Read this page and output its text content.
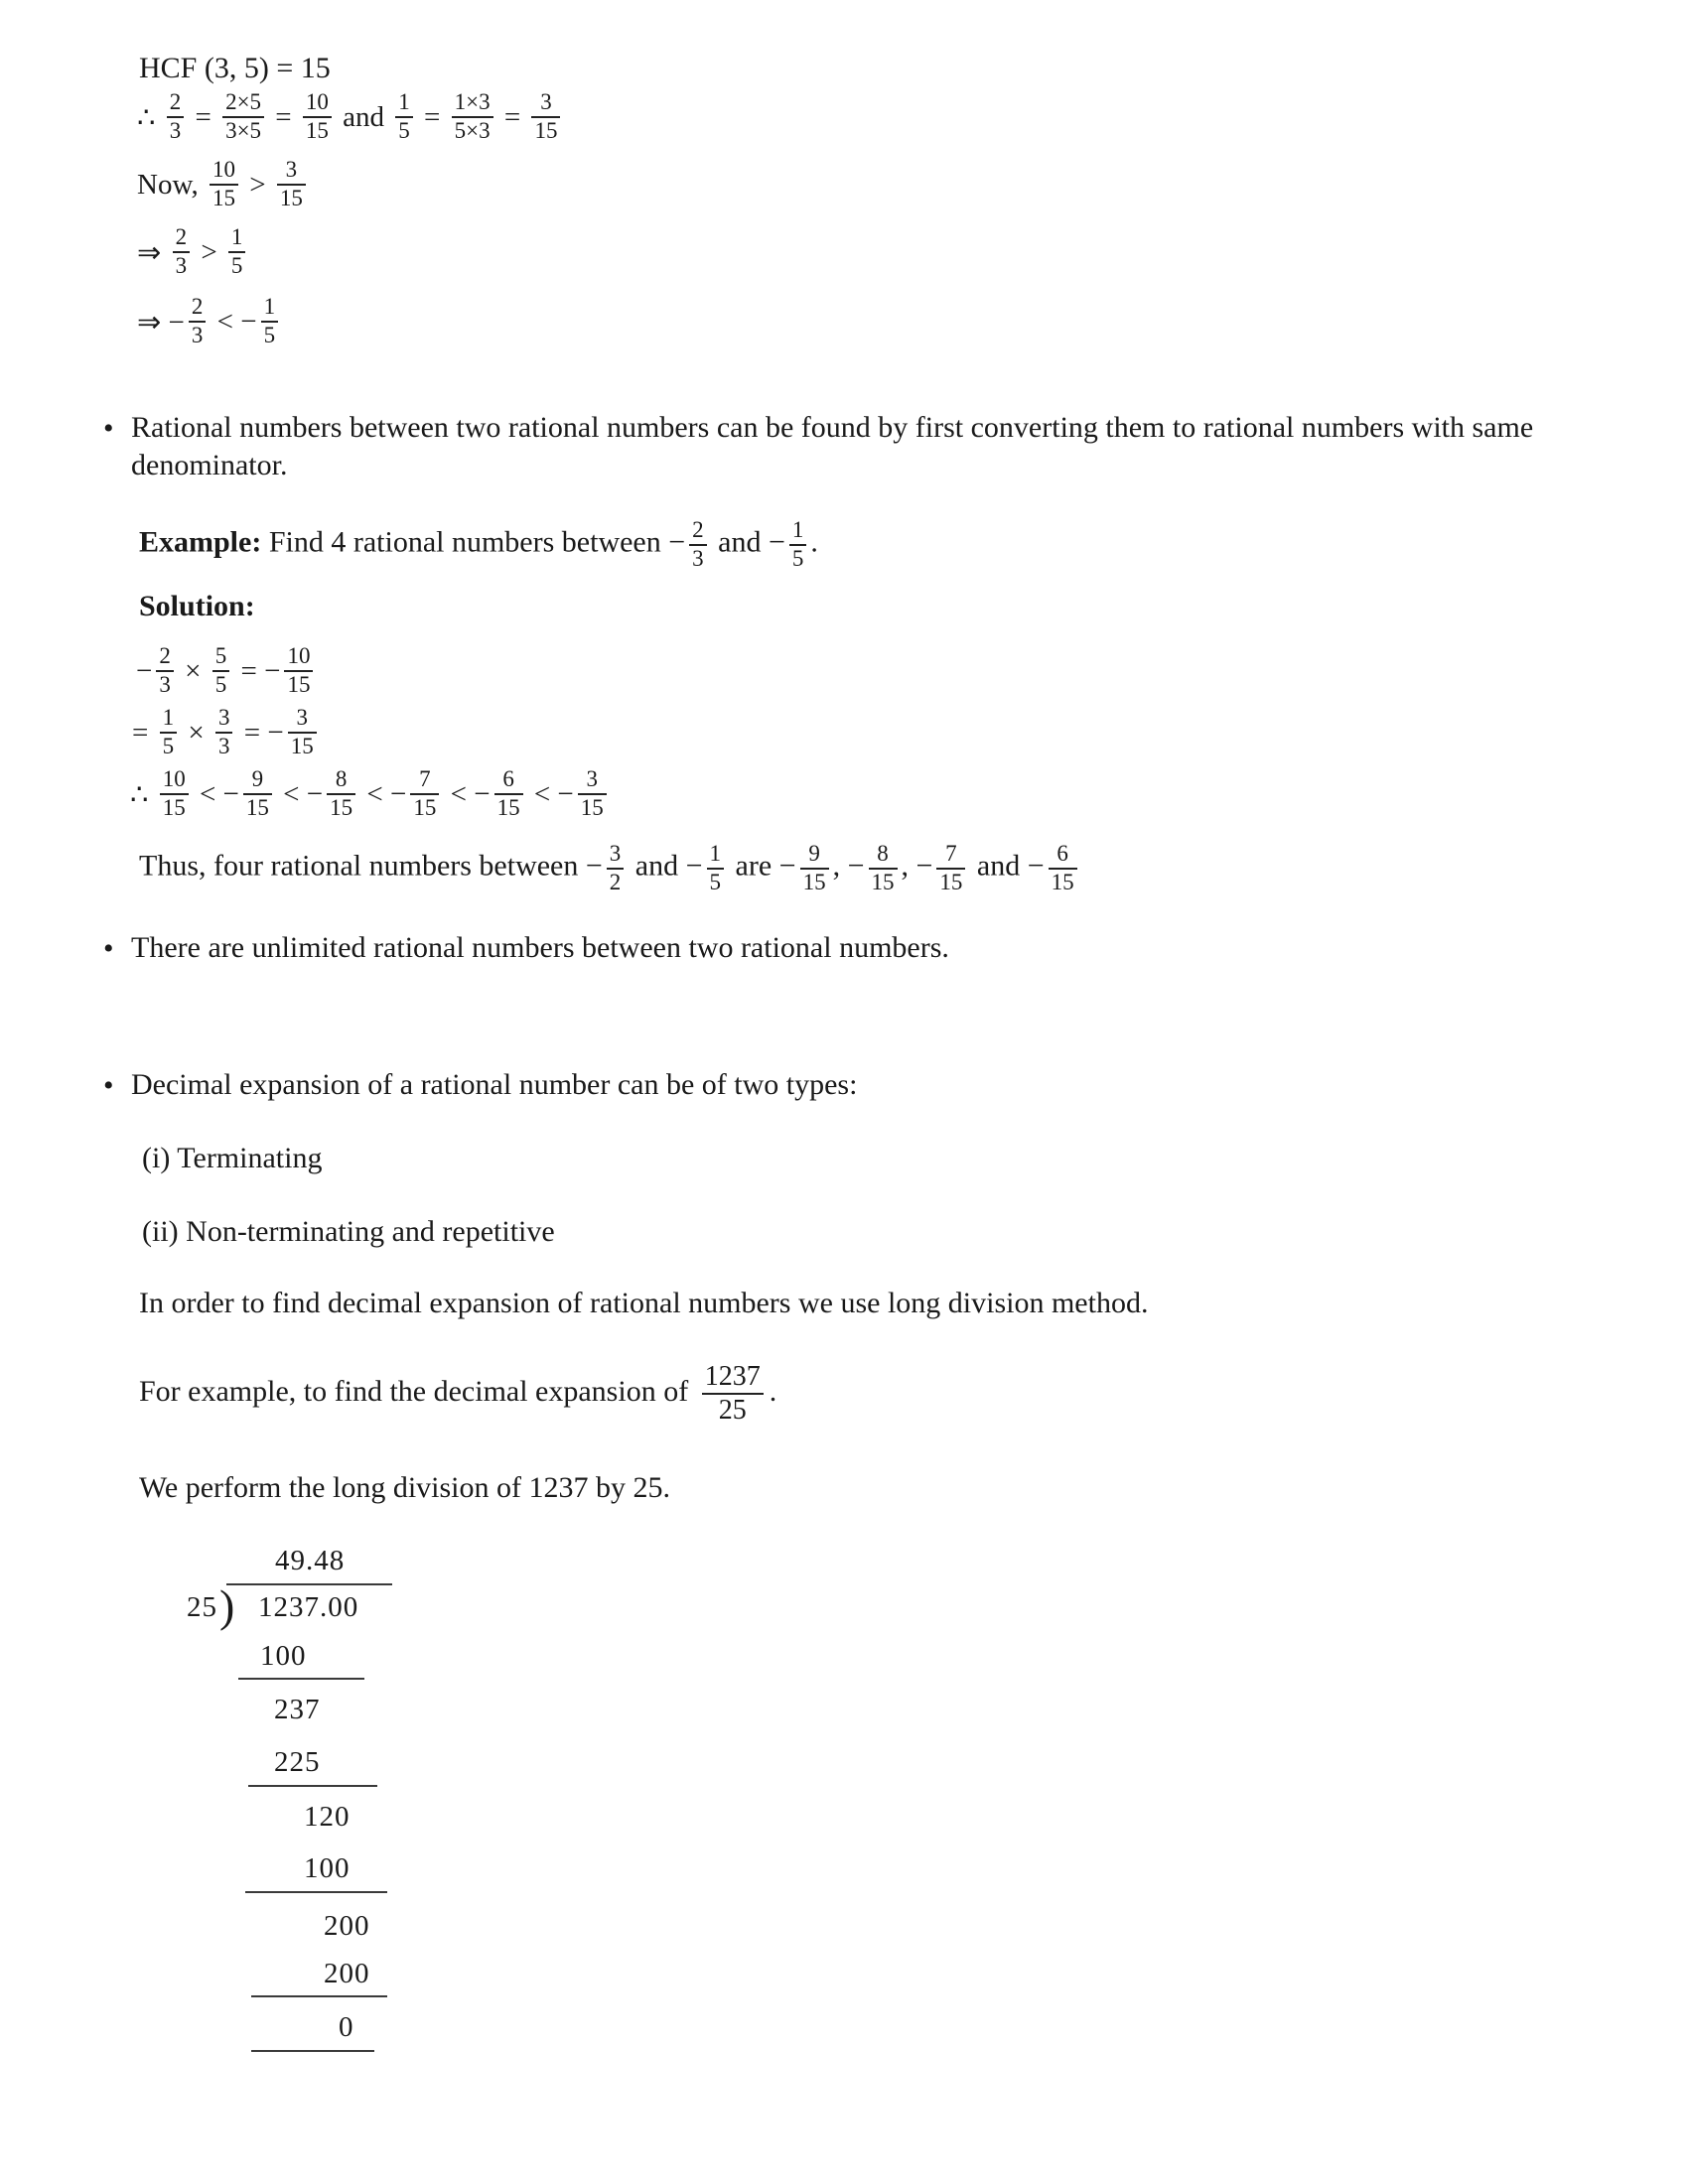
HCF (3, 5) = 15
∴ $\frac{2}{3} = \frac{2\times 5}{3\times 5} = \frac{10}{15}$ and $\frac{1}{5} = \frac{1\times 3}{5\times 3} = \frac{3}{15}$
Now, $\frac{10}{15} > \frac{3}{15}$
⇒ $\frac{2}{3} > \frac{1}{5}$
⇒ − $\frac{2}{3}$ < − $\frac{1}{5}$
• Rational numbers between two rational numbers can be found by first converting them to rational numbers with same denominator.
Example: Find 4 rational numbers between − $\frac{2}{3}$ and − $\frac{1}{5}$ .
Solution:
− $\frac{2}{3} \times \frac{5}{5}$ = − $\frac{10}{15}$
= $\frac{1}{5} \times \frac{3}{3}$ = − $\frac{3}{15}$
∴ $\frac{10}{15}$ < − $\frac{9}{15}$ < − $\frac{8}{15}$ < − $\frac{7}{15}$ < − $\frac{6}{15}$ < − $\frac{3}{15}$
Thus, four rational numbers between − $\frac{3}{2}$ and − $\frac{1}{5}$ are − $\frac{9}{15}$ , − $\frac{8}{15}$ , − $\frac{7}{15}$ and − $\frac{6}{15}$
• There are unlimited rational numbers between two rational numbers.
• Decimal expansion of a rational number can be of two types:
(i) Terminating
(ii) Non-terminating and repetitive
In order to find decimal expansion of rational numbers we use long division method.
For example, to find the decimal expansion of $\frac{1237}{25}$ .
We perform the long division of 1237 by 25.
49.48
25 ) 1237.00
100
237
225
120
100
200
200
0
